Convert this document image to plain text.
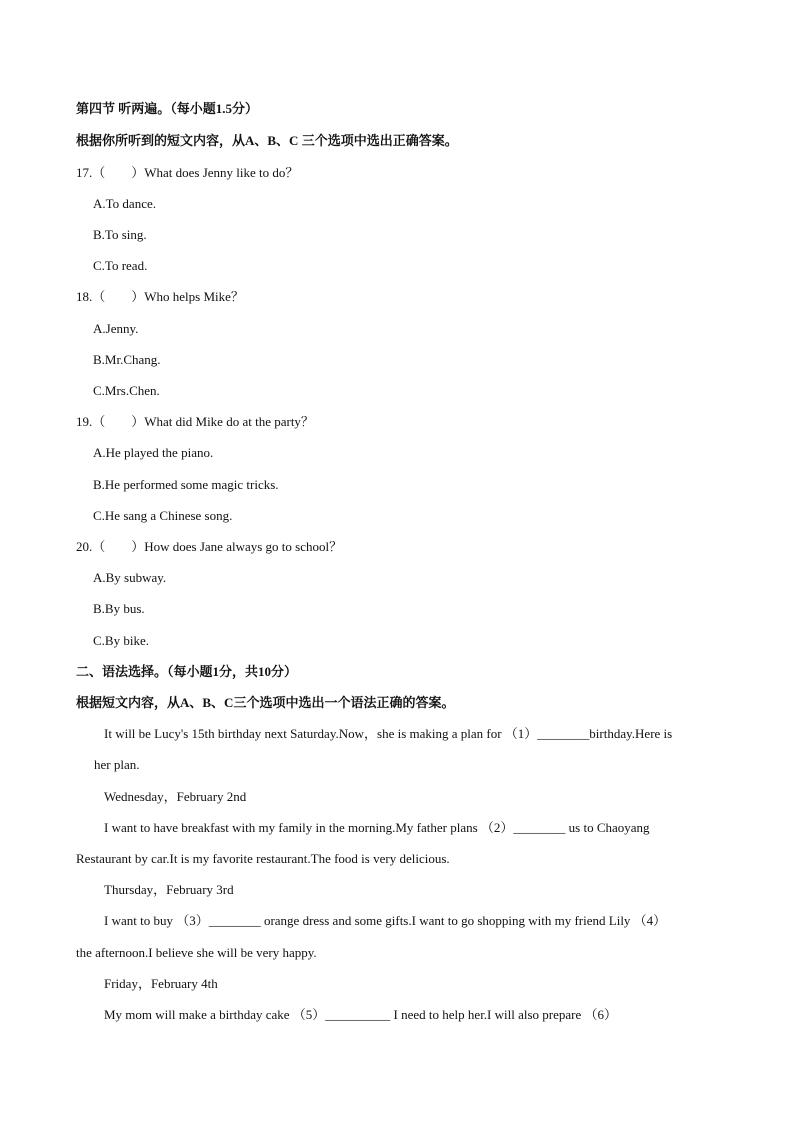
第四节 听两遍。（每小题1.5分）
根据你所听到的短文内容，从A、B、C 三个选项中选出正确答案。
17.（　　）What does Jenny like to do？
A.To dance.
B.To sing.
C.To read.
18.（　　）Who helps Mike？
A.Jenny.
B.Mr.Chang.
C.Mrs.Chen.
19.（　　）What did Mike do at the party？
A.He played the piano.
B.He performed some magic tricks.
C.He sang a Chinese song.
20.（　　）How does Jane always go to school？
A.By subway.
B.By bus.
C.By bike.
二、语法选择。（每小题1分，共10分）
根据短文内容，从A、B、C三个选项中选出一个语法正确的答案。
It will be Lucy's 15th birthday next Saturday.Now，she is making a plan for （1）________birthday.Here is
her plan.
Wednesday，February 2nd
I want to have breakfast with my family in the morning.My father plans （2）________ us to Chaoyang
Restaurant by car.It is my favorite restaurant.The food is very delicious.
Thursday，February 3rd
I want to buy （3）________ orange dress and some gifts.I want to go shopping with my friend Lily （4）
the afternoon.I believe she will be very happy.
Friday，February 4th
My mom will make a birthday cake （5）__________ I need to help her.I will also prepare （6）
